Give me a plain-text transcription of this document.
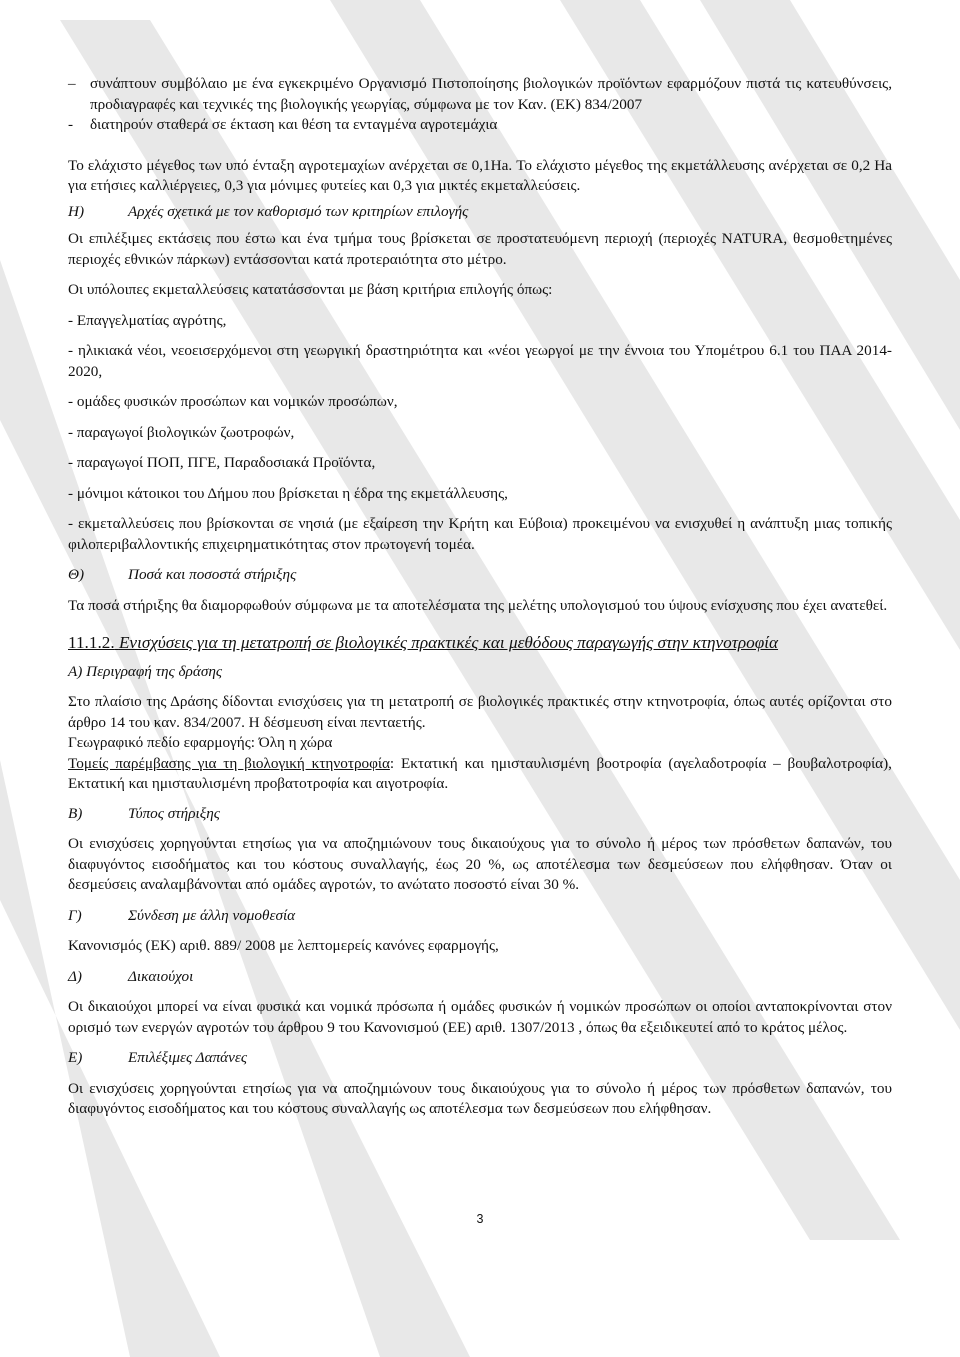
– συνάπτουν συμβόλαιο με ένα εγκεκριμένο Οργανισμό Πιστοποίησης βιολογικών προϊόντων εφαρμόζουν πιστά τις κατευθύνσεις, προδιαγραφές και τεχνικές της βιολογικής γεωργίας, σύμφωνα με τον Καν. (ΕΚ) 834/2007

-	διατηρούν σταθερά σε έκταση και θέση τα ενταγμένα αγροτεμάχια

Το ελάχιστο μέγεθος των υπό ένταξη αγροτεμαχίων ανέρχεται σε 0,1Ha. Το ελάχιστο μέγεθος της εκμετάλλευσης ανέρχεται σε 0,2 Ha για ετήσιες καλλιέργειες, 0,3 για μόνιμες φυτείες και 0,3 για μικτές εκμεταλλεύσεις.

Η)	Αρχές σχετικά με τον καθορισμό των κριτηρίων επιλογής

Οι επιλέξιμες εκτάσεις που έστω και ένα τμήμα τους βρίσκεται σε προστατευόμενη περιοχή (περιοχές NATURA, θεσμοθετημένες περιοχές εθνικών πάρκων) εντάσσονται κατά προτεραιότητα στο μέτρο.

Οι υπόλοιπες εκμεταλλεύσεις κατατάσσονται με βάση κριτήρια επιλογής όπως:

- Επαγγελματίας αγρότης,

- ηλικιακά νέοι, νεοεισερχόμενοι στη γεωργική δραστηριότητα και «νέοι γεωργοί με την έννοια του Υπομέτρου 6.1 του ΠΑΑ 2014-2020,

- ομάδες φυσικών προσώπων και νομικών προσώπων,

- παραγωγοί βιολογικών ζωοτροφών,

- παραγωγοί ΠΟΠ, ΠΓΕ, Παραδοσιακά Προϊόντα,

- μόνιμοι κάτοικοι του Δήμου που βρίσκεται η έδρα της εκμετάλλευσης,

- εκμεταλλεύσεις που βρίσκονται σε νησιά (με εξαίρεση την Κρήτη και Εύβοια) προκειμένου να ενισχυθεί η ανάπτυξη μιας τοπικής φιλοπεριβαλλοντικής επιχειρηματικότητας στον πρωτογενή τομέα.

Θ)	Ποσά και ποσοστά στήριξης

Τα ποσά στήριξης θα διαμορφωθούν σύμφωνα με τα αποτελέσματα της μελέτης υπολογισμού του ύψους ενίσχυσης που έχει ανατεθεί.

11.1.2. Ενισχύσεις για τη μετατροπή σε βιολογικές πρακτικές και μεθόδους παραγωγής στην κτηνοτροφία

Α) Περιγραφή της δράσης

Στο πλαίσιο της Δράσης δίδονται ενισχύσεις για τη μετατροπή σε βιολογικές πρακτικές στην κτηνοτροφία, όπως αυτές ορίζονται στο άρθρο 14 του καν. 834/2007. Η δέσμευση είναι πενταετής.

Γεωγραφικό πεδίο εφαρμογής: Όλη η χώρα

Τομείς παρέμβασης για τη βιολογική κτηνοτροφία: Εκτατική και ημισταυλισμένη βοοτροφία (αγελαδοτροφία – βουβαλοτροφία), Εκτατική και ημισταυλισμένη προβατοτροφία και αιγοτροφία.

Β)	Τύπος στήριξης

Οι ενισχύσεις χορηγούνται ετησίως για να αποζημιώνουν τους δικαιούχους για το σύνολο ή μέρος των πρόσθετων δαπανών, του διαφυγόντος εισοδήματος και του κόστους συναλλαγής, έως 20 %, ως αποτέλεσμα των δεσμεύσεων που ελήφθησαν. Όταν οι δεσμεύσεις αναλαμβάνονται από ομάδες αγροτών, το ανώτατο ποσοστό είναι 30 %.

Γ)	Σύνδεση με άλλη νομοθεσία

Κανονισμός (ΕΚ) αριθ. 889/ 2008 με λεπτομερείς κανόνες εφαρμογής,

Δ)	Δικαιούχοι

Οι δικαιούχοι μπορεί να είναι φυσικά και νομικά πρόσωπα ή ομάδες φυσικών ή νομικών προσώπων οι οποίοι ανταποκρίνονται στον ορισμό των ενεργών αγροτών του άρθρου 9 του Κανονισμού (ΕΕ) αριθ. 1307/2013 , όπως θα εξειδικευτεί από το κράτος μέλος.

Ε)	Επιλέξιμες Δαπάνες

Οι ενισχύσεις χορηγούνται ετησίως για να αποζημιώνουν τους δικαιούχους για το σύνολο ή μέρος των πρόσθετων δαπανών, του διαφυγόντος εισοδήματος και του κόστους συναλλαγής ως αποτέλεσμα των δεσμεύσεων που ελήφθησαν.

3
